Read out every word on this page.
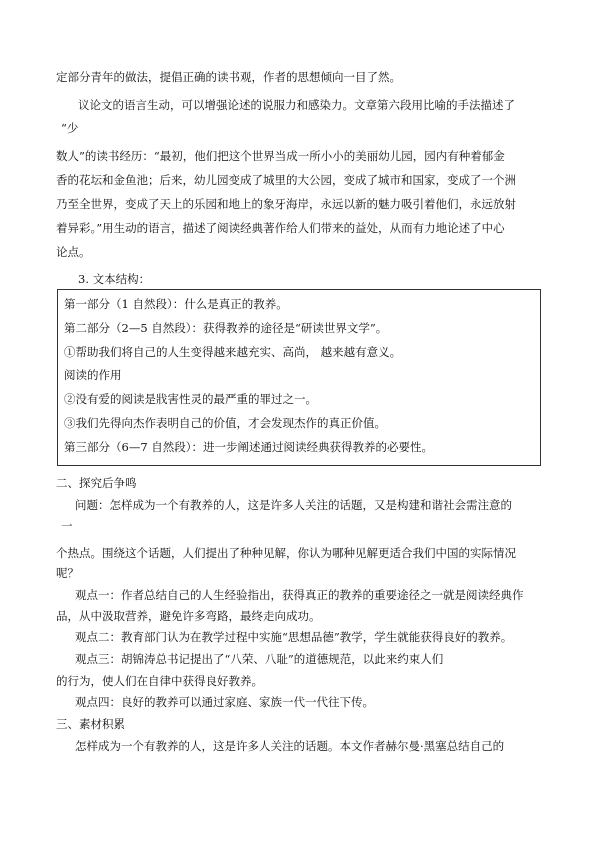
定部分青年的做法，提倡正确的读书观，作者的思想倾向一目了然。
议论文的语言生动，可以增强论述的说服力和感染力。文章第六段用比喻的手法描述了
“少
数人”的读书经历：“最初，他们把这个世界当成一所小小的美丽幼儿园，园内有种着郁金
香的花坛和金鱼池；后来，幼儿园变成了城里的大公园，变成了城市和国家，变成了一个洲
乃至全世界，变成了天上的乐园和地上的象牙海岸，永远以新的魅力吸引着他们，永远放射
着异彩。”用生动的语言，描述了阅读经典著作给人们带来的益处，从而有力地论述了中心
论点。
3. 文本结构：
第一部分（1 自然段）：什么是真正的教养。
第二部分（2—5 自然段）：获得教养的途径是“研读世界文学”。
①帮助我们将自己的人生变得越来越充实、高尚， 越来越有意义。
阅读的作用
②没有爱的阅读是戕害性灵的最严重的罪过之一。
③我们先得向杰作表明自己的价值，才会发现杰作的真正价值。
第三部分（6—7 自然段）：进一步阐述通过阅读经典获得教养的必要性。
二、探究后争鸣
问题：怎样成为一个有教养的人，这是许多人关注的话题，又是构建和谐社会需注意的
一
个热点。围绕这个话题，人们提出了种种见解，你认为哪种见解更适合我们中国的实际情况
呢？
观点一：作者总结自己的人生经验指出，获得真正的教养的重要途径之一就是阅读经典作
品，从中汲取营养，避免许多弯路，最终走向成功。
观点二：教育部门认为在教学过程中实施“思想品德”教学，学生就能获得良好的教养。
观点三：胡锦涛总书记提出了“八荣、八耻”的道德规范，以此来约束人们
的行为，使人们在自律中获得良好教养。
观点四：良好的教养可以通过家庭、家族一代一代往下传。
三、素材积累
怎样成为一个有教养的人，这是许多人关注的话题。本文作者赫尔曼·黑塞总结自己的
